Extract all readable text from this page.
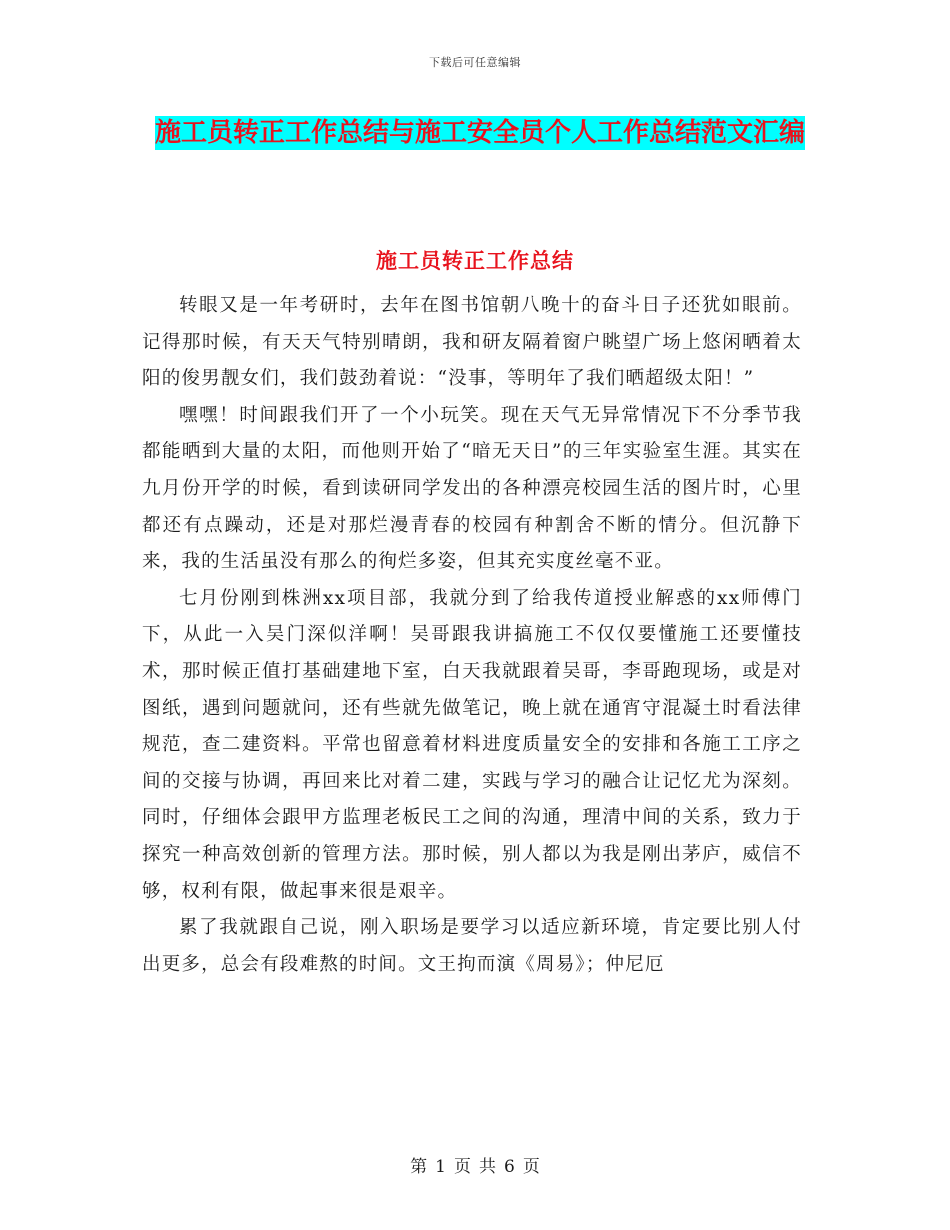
下载后可任意编辑
施工员转正工作总结与施工安全员个人工作总结范文汇编
施工员转正工作总结

转眼又是一年考研时，去年在图书馆朝八晚十的奋斗日子还犹如眼前。记得那时候，有天天气特别晴朗，我和研友隔着窗户眺望广场上悠闲晒着太阳的俊男靓女们，我们鼓劲着说：“没事，等明年了我们晒超级太阳！”

嘿嘿！时间跟我们开了一个小玩笑。现在天气无异常情况下不分季节我都能晒到大量的太阳，而他则开始了“暗无天日”的三年实验室生涯。其实在九月份开学的时候，看到读研同学发出的各种漂亮校园生活的图片时，心里都还有点躁动，还是对那烂漫青春的校园有种割舍不断的情分。但沉静下来，我的生活虽没有那么的徇烂多姿，但其充实度丝毫不亚。

七月份刚到株洲xx项目部，我就分到了给我传道授业解惑的xx师傅门下，从此一入吴门深似洋啊！吴哥跟我讲搞施工不仅仅要懂施工还要懂技术，那时候正值打基础建地下室，白天我就跟着吴哥，李哥跑现场，或是对图纸，遇到问题就问，还有些就先做笔记，晚上就在通宵守混凝土时看法律规范，查二建资料。平常也留意着材料进度质量安全的安排和各施工工序之间的交接与协调，再回来比对着二建，实践与学习的融合让记忆尤为深刻。同时，仔细体会跟甲方监理老板民工之间的沟通，理清中间的关系，致力于探究一种高效创新的管理方法。那时候，别人都以为我是刚出茅庐，威信不够，权利有限，做起事来很是艰辛。

累了我就跟自己说，刚入职场是要学习以适应新环境，肯定要比别人付出更多，总会有段难熬的时间。文王拘而演《周易》；仲尼厄

第 1 页 共 6 页
